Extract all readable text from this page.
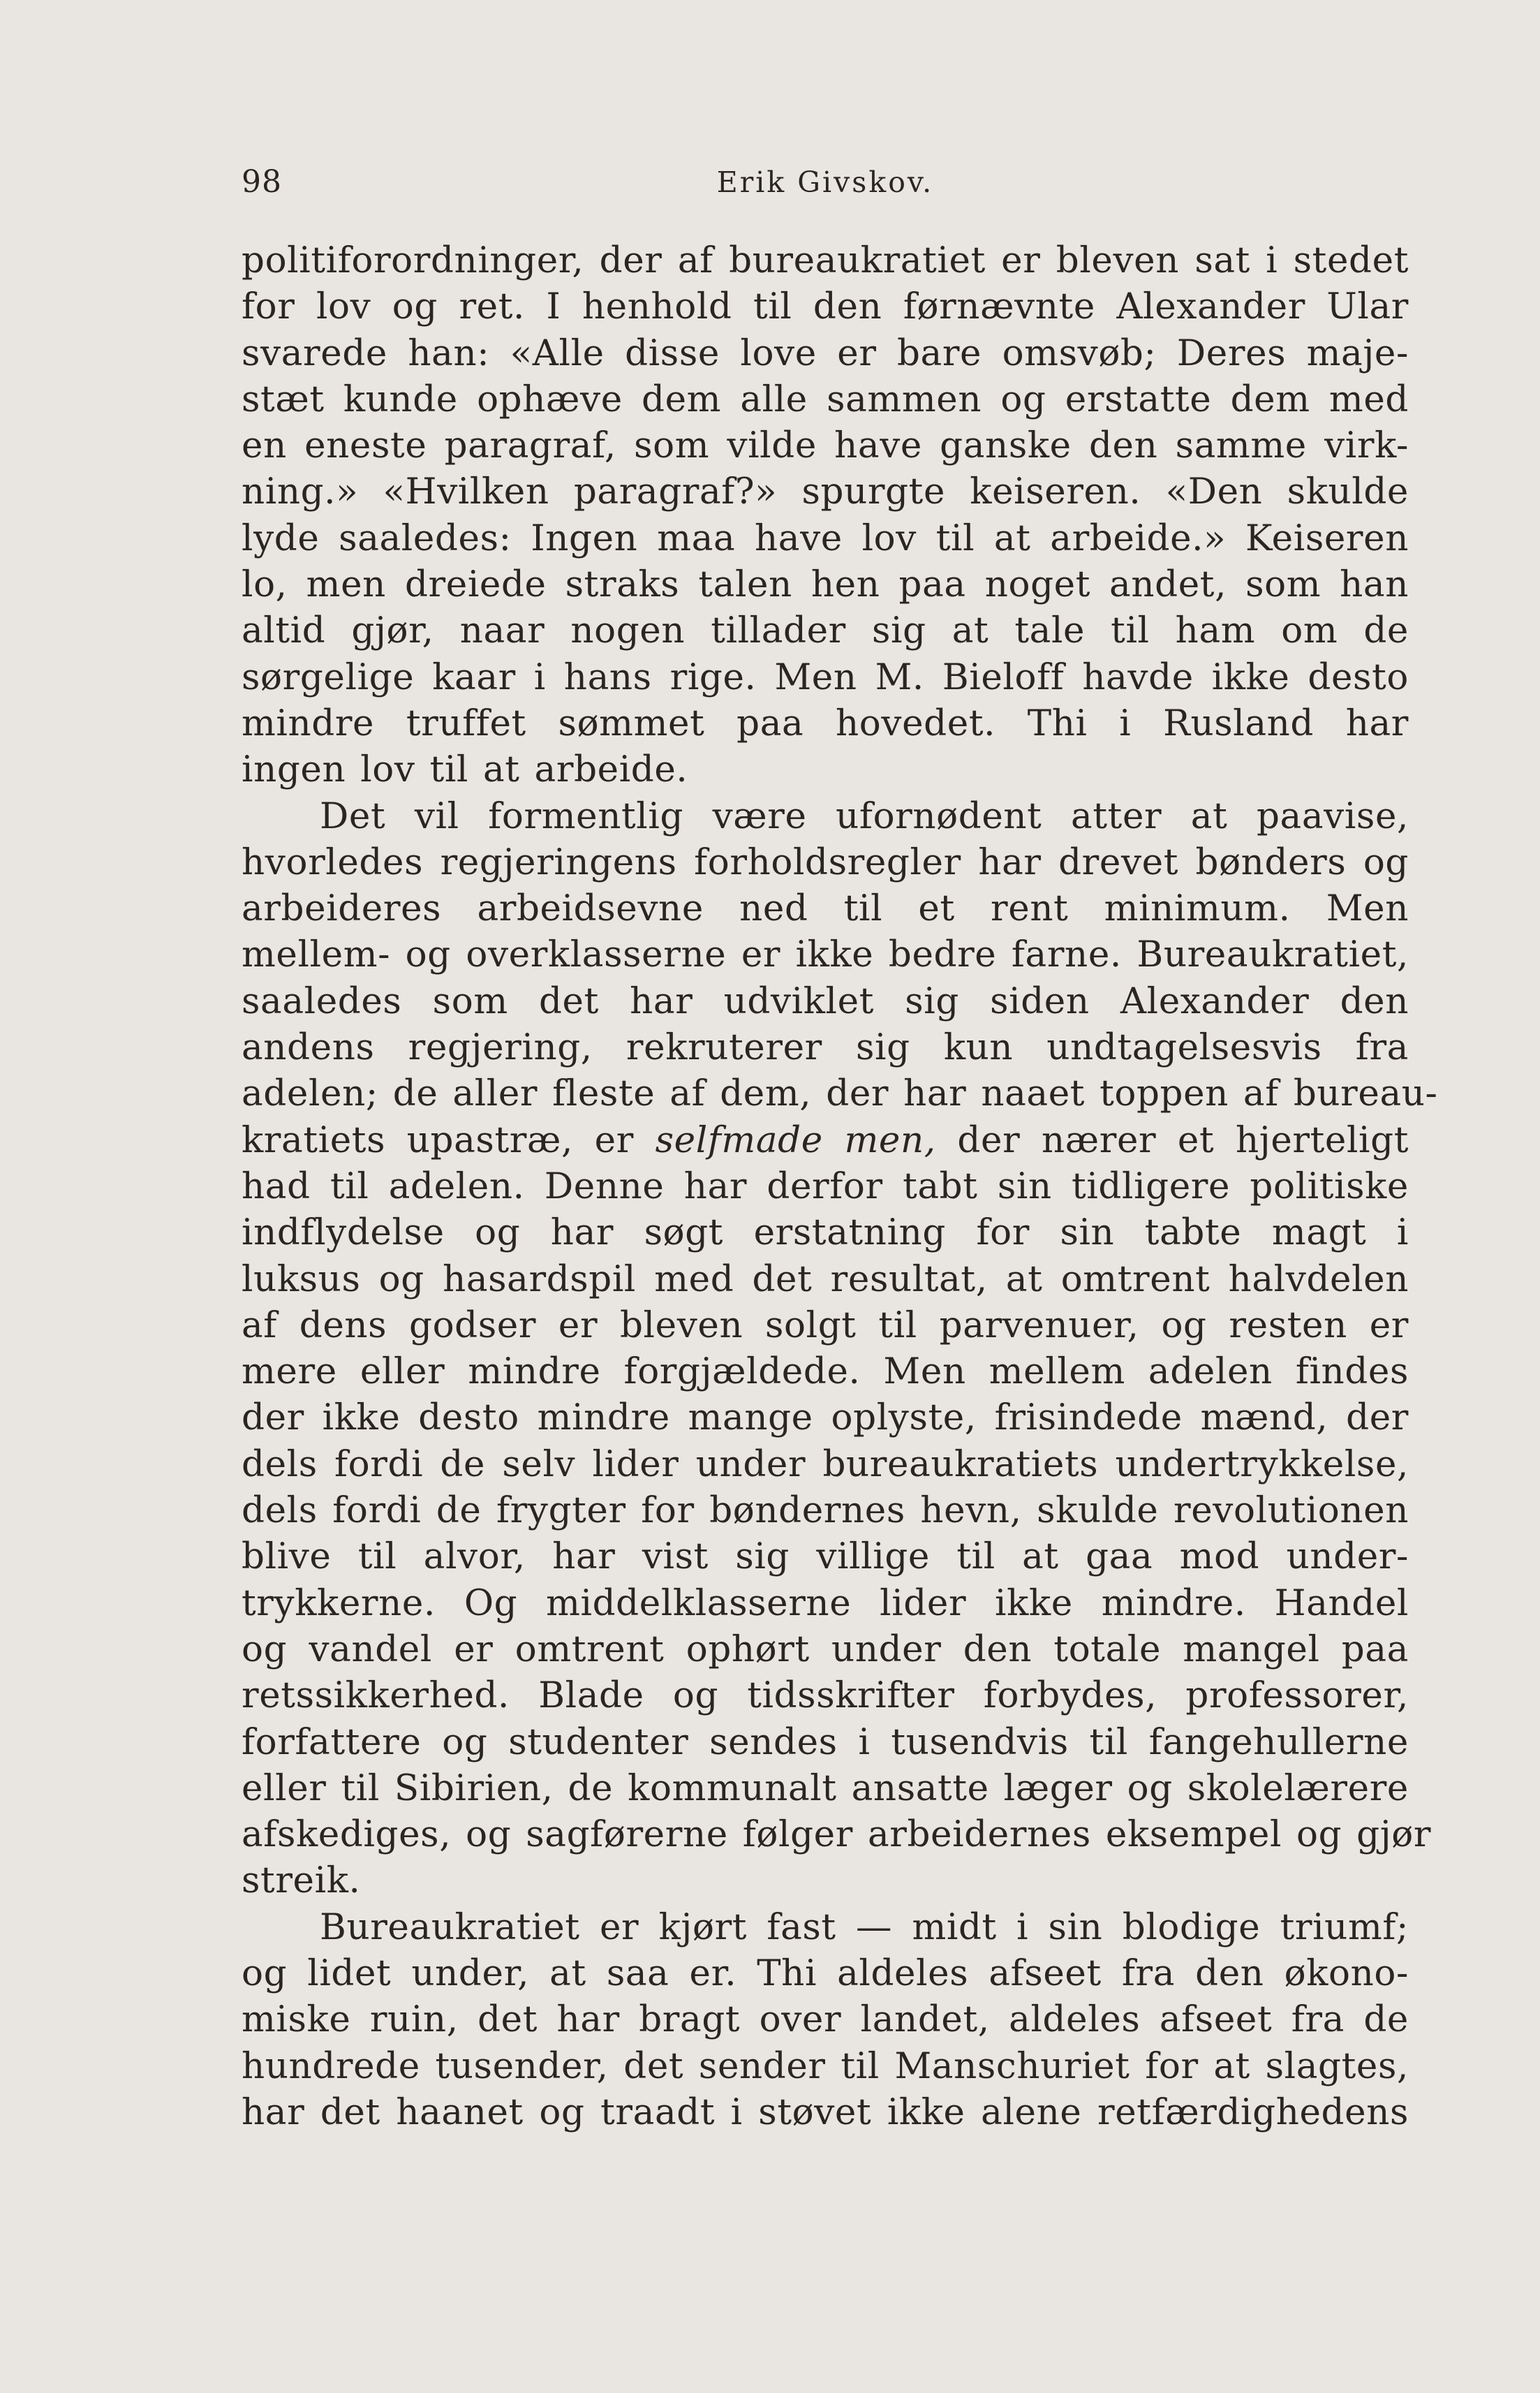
98	Erik Givskov.
politiforordninger, der af bureaukratiet er bleven sat i stedet
for lov og ret. I henhold til den førnævnte Alexander Ular
svarede han: «Alle disse love er bare omsvøb; Deres maje-
stæt kunde ophæve dem alle sammen og erstatte dem med
en eneste paragraf, som vilde have ganske den samme virk-
ning.» «Hvilken paragraf?» spurgte keiseren. «Den skulde
lyde saaledes: Ingen maa have lov til at arbeide.» Keiseren
lo, men dreiede straks talen hen paa noget andet, som han
altid gjør, naar nogen tillader sig at tale til ham om de
sørgelige kaar i hans rige. Men M. Bieloff havde ikke desto
mindre truffet sømmet paa hovedet. Thi i Rusland har
ingen lov til at arbeide.
Det vil formentlig være ufornødent atter at paavise,
hvorledes regjeringens forholdsregler har drevet bønders og
arbeideres arbeidsevne ned til et rent minimum. Men
mellem- og overklasserne er ikke bedre farne. Bureaukratiet,
saaledes som det har udviklet sig siden Alexander den
andens regjering, rekruterer sig kun undtagelsesvis fra
adelen; de aller fleste af dem, der har naaet toppen af bureau-
kratiets upastræ, er selfmade men, der nærer et hjerteligt
had til adelen. Denne har derfor tabt sin tidligere politiske
indflydelse og har søgt erstatning for sin tabte magt i
luksus og hasardspil med det resultat, at omtrent halvdelen
af dens godser er bleven solgt til parvenuer, og resten er
mere eller mindre forgjældede. Men mellem adelen findes
der ikke desto mindre mange oplyste, frisindede mænd, der
dels fordi de selv lider under bureaukratiets undertrykkelse,
dels fordi de frygter for bøndernes hevn, skulde revolutionen
blive til alvor, har vist sig villige til at gaa mod under-
trykkerne. Og middelklasserne lider ikke mindre. Handel
og vandel er omtrent ophørt under den totale mangel paa
retssikkerhed. Blade og tidsskrifter forbydes, professorer,
forfattere og studenter sendes i tusendvis til fangehullerne
eller til Sibirien, de kommunalt ansatte læger og skolelærere
afskediges, og sagførerne følger arbeidernes eksempel og gjør
streik.
Bureaukratiet er kjørt fast — midt i sin blodige triumf;
og lidet under, at saa er. Thi aldeles afseet fra den økono-
miske ruin, det har bragt over landet, aldeles afseet fra de
hundrede tusender, det sender til Manschuriet for at slagtes,
har det haanet og traadt i støvet ikke alene retfærdighedens
